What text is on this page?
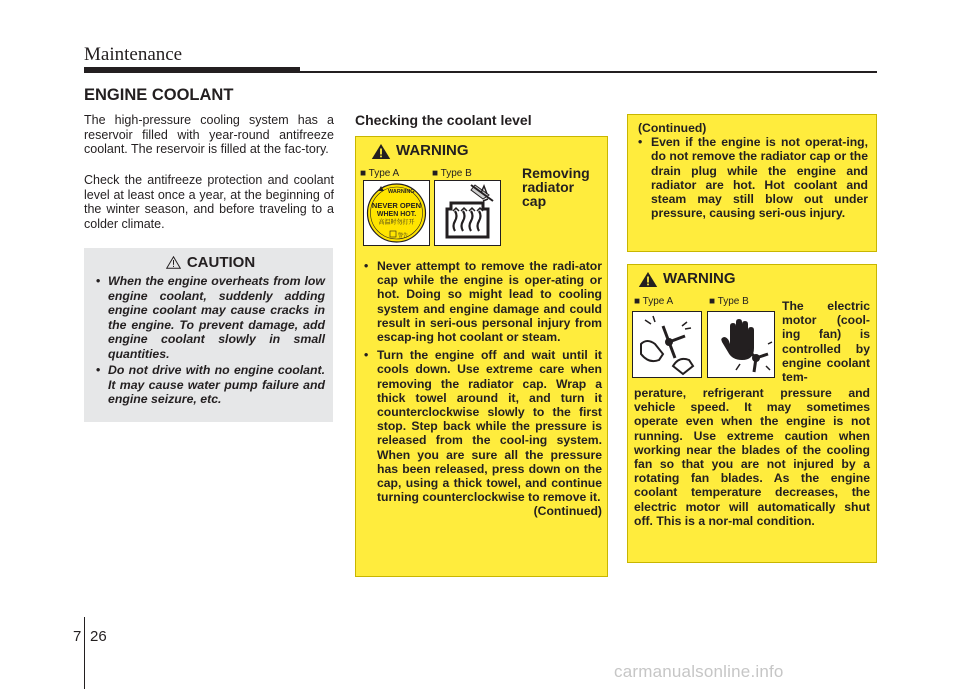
Maintenance
ENGINE COOLANT

The high-pressure cooling system has a reservoir filled with year-round antifreeze coolant. The reservoir is filled at the fac-tory.

Check the antifreeze protection and coolant level at least once a year, at the beginning of the winter season, and before traveling to a colder climate.

CAUTION
• When the engine overheats from low engine coolant, suddenly adding engine coolant may cause cracks in the engine. To prevent damage, add engine coolant slowly in small quantities.
• Do not drive with no engine coolant. It may cause water pump failure and engine seizure, etc.
Checking the coolant level
WARNING
■ Type A	■ Type B
WARNING
NEVER OPEN
WHEN HOT.
高温时勿打开
警告
Removing radiator cap
• Never attempt to remove the radi-ator cap while the engine is oper-ating or hot. Doing so might lead to cooling system and engine damage and could result in seri-ous personal injury from escap-ing hot coolant or steam.
• Turn the engine off and wait until it cools down. Use extreme care when removing the radiator cap. Wrap a thick towel around it, and turn it counterclockwise slowly to the first stop. Step back while the pressure is released from the cool-ing system. When you are sure all the pressure has been released, press down on the cap, using a thick towel, and continue turning counterclockwise to remove it.
(Continued)
(Continued)
• Even if the engine is not operat-ing, do not remove the radiator cap or the drain plug while the engine and radiator are hot. Hot coolant and steam may still blow out under pressure, causing seri-ous injury.
WARNING
■ Type A	■ Type B	The electric motor (cool-ing fan) is controlled by engine coolant tem-
perature, refrigerant pressure and vehicle speed. It may sometimes operate even when the engine is not running. Use extreme caution when working near the blades of the cooling fan so that you are not injured by a rotating fan blades. As the engine coolant temperature decreases, the electric motor will automatically shut off. This is a nor-mal condition.
7 26
carmanualsonline.info
